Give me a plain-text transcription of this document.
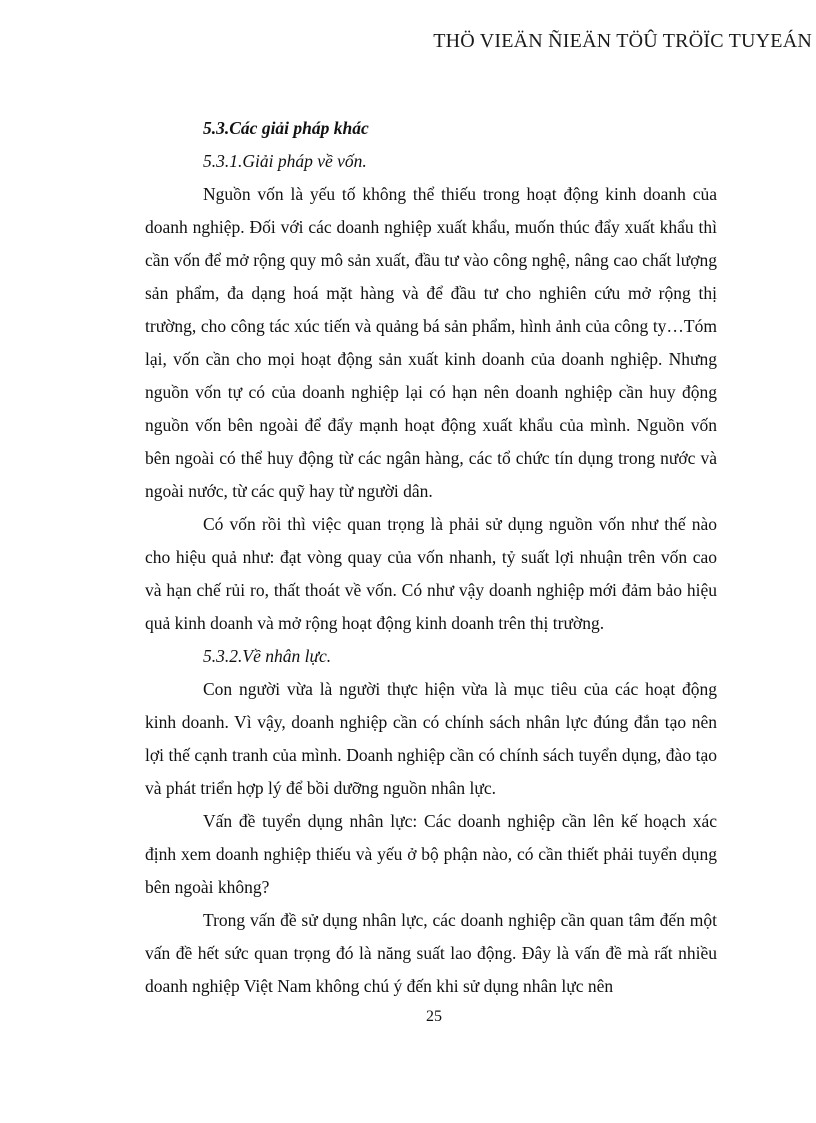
THÖ VIEÄN ÑIEÄN TÖÛ TRÖÏC TUYEÁN

5.3.Các giải pháp khác

5.3.1.Giải pháp về vốn.

Nguồn vốn là yếu tố không thể thiếu trong hoạt động kinh doanh của doanh nghiệp. Đối với các doanh nghiệp xuất khẩu, muốn thúc đẩy xuất khẩu thì cần vốn để mở rộng quy mô sản xuất, đầu tư vào công nghệ, nâng cao chất lượng sản phẩm, đa dạng hoá mặt hàng và để đầu tư cho nghiên cứu mở rộng thị trường, cho công tác xúc tiến và quảng bá sản phẩm, hình ảnh của công ty…Tóm lại, vốn cần cho mọi hoạt động sản xuất kinh doanh của doanh nghiệp. Nhưng nguồn vốn tự có của doanh nghiệp lại có hạn nên doanh nghiệp cần huy động nguồn vốn bên ngoài để đẩy mạnh hoạt động xuất khẩu của mình. Nguồn vốn bên ngoài có thể huy động từ các ngân hàng, các tổ chức tín dụng trong nước và ngoài nước, từ các quỹ hay từ người dân.

Có vốn rồi thì việc quan trọng là phải sử dụng nguồn vốn như thế nào cho hiệu quả như: đạt vòng quay của vốn nhanh, tỷ suất lợi nhuận trên vốn cao và hạn chế rủi ro, thất thoát về vốn. Có như vậy doanh nghiệp mới đảm bảo hiệu quả kinh doanh và mở rộng hoạt động kinh doanh trên thị trường.

5.3.2.Về nhân lực.

Con người vừa là người thực hiện vừa là mục tiêu của các hoạt động kinh doanh. Vì vậy, doanh nghiệp cần có chính sách nhân lực đúng đắn tạo nên lợi thế cạnh tranh của mình. Doanh nghiệp cần có chính sách tuyển dụng, đào tạo và phát triển hợp lý để bồi dưỡng nguồn nhân lực.

Vấn đề tuyển dụng nhân lực: Các doanh nghiệp cần lên kế hoạch xác định xem doanh nghiệp thiếu và yếu ở bộ phận nào, có cần thiết phải tuyển dụng bên ngoài không?

Trong vấn đề sử dụng nhân lực, các doanh nghiệp cần quan tâm đến một vấn đề hết sức quan trọng đó là năng suất lao động. Đây là vấn đề mà rất nhiều doanh nghiệp Việt Nam không chú ý đến khi sử dụng nhân lực nên

25
